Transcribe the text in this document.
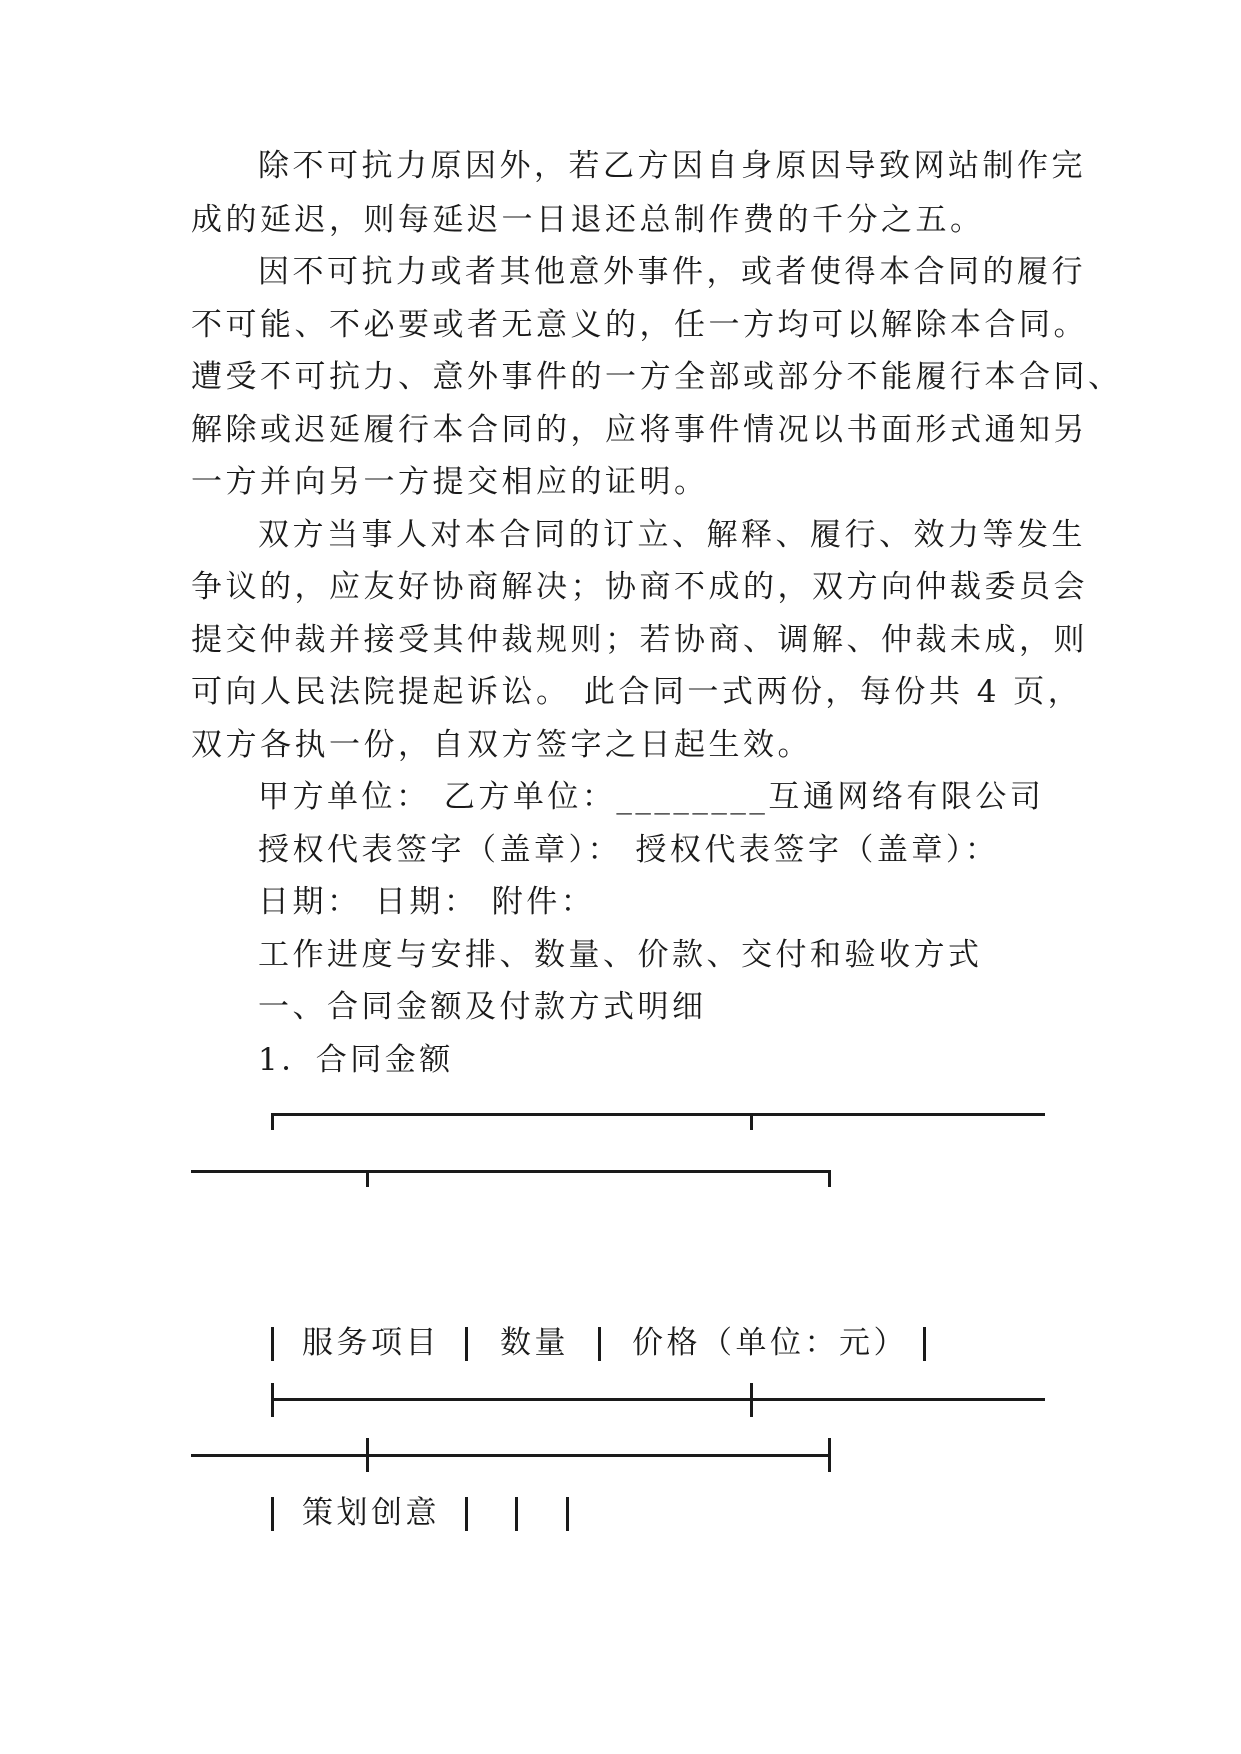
除不可抗力原因外，若乙方因自身原因导致网站制作完
成的延迟，则每延迟一日退还总制作费的千分之五。
因不可抗力或者其他意外事件，或者使得本合同的履行
不可能、不必要或者无意义的，任一方均可以解除本合同。
遭受不可抗力、意外事件的一方全部或部分不能履行本合同、
解除或迟延履行本合同的，应将事件情况以书面形式通知另
一方并向另一方提交相应的证明。
双方当事人对本合同的订立、解释、履行、效力等发生
争议的，应友好协商解决；协商不成的，双方向仲裁委员会
提交仲裁并接受其仲裁规则；若协商、调解、仲裁未成，则
可向人民法院提起诉讼。 此合同一式两份，每份共 4 页，
双方各执一份，自双方签字之日起生效。
甲方单位： 乙方单位：________互通网络有限公司
授权代表签字（盖章）： 授权代表签字（盖章）：
日期： 日期： 附件：
工作进度与安排、数量、价款、交付和验收方式
一、合同金额及付款方式明细
1．合同金额
服务项目 数量 价格（单位：元）
策划创意
